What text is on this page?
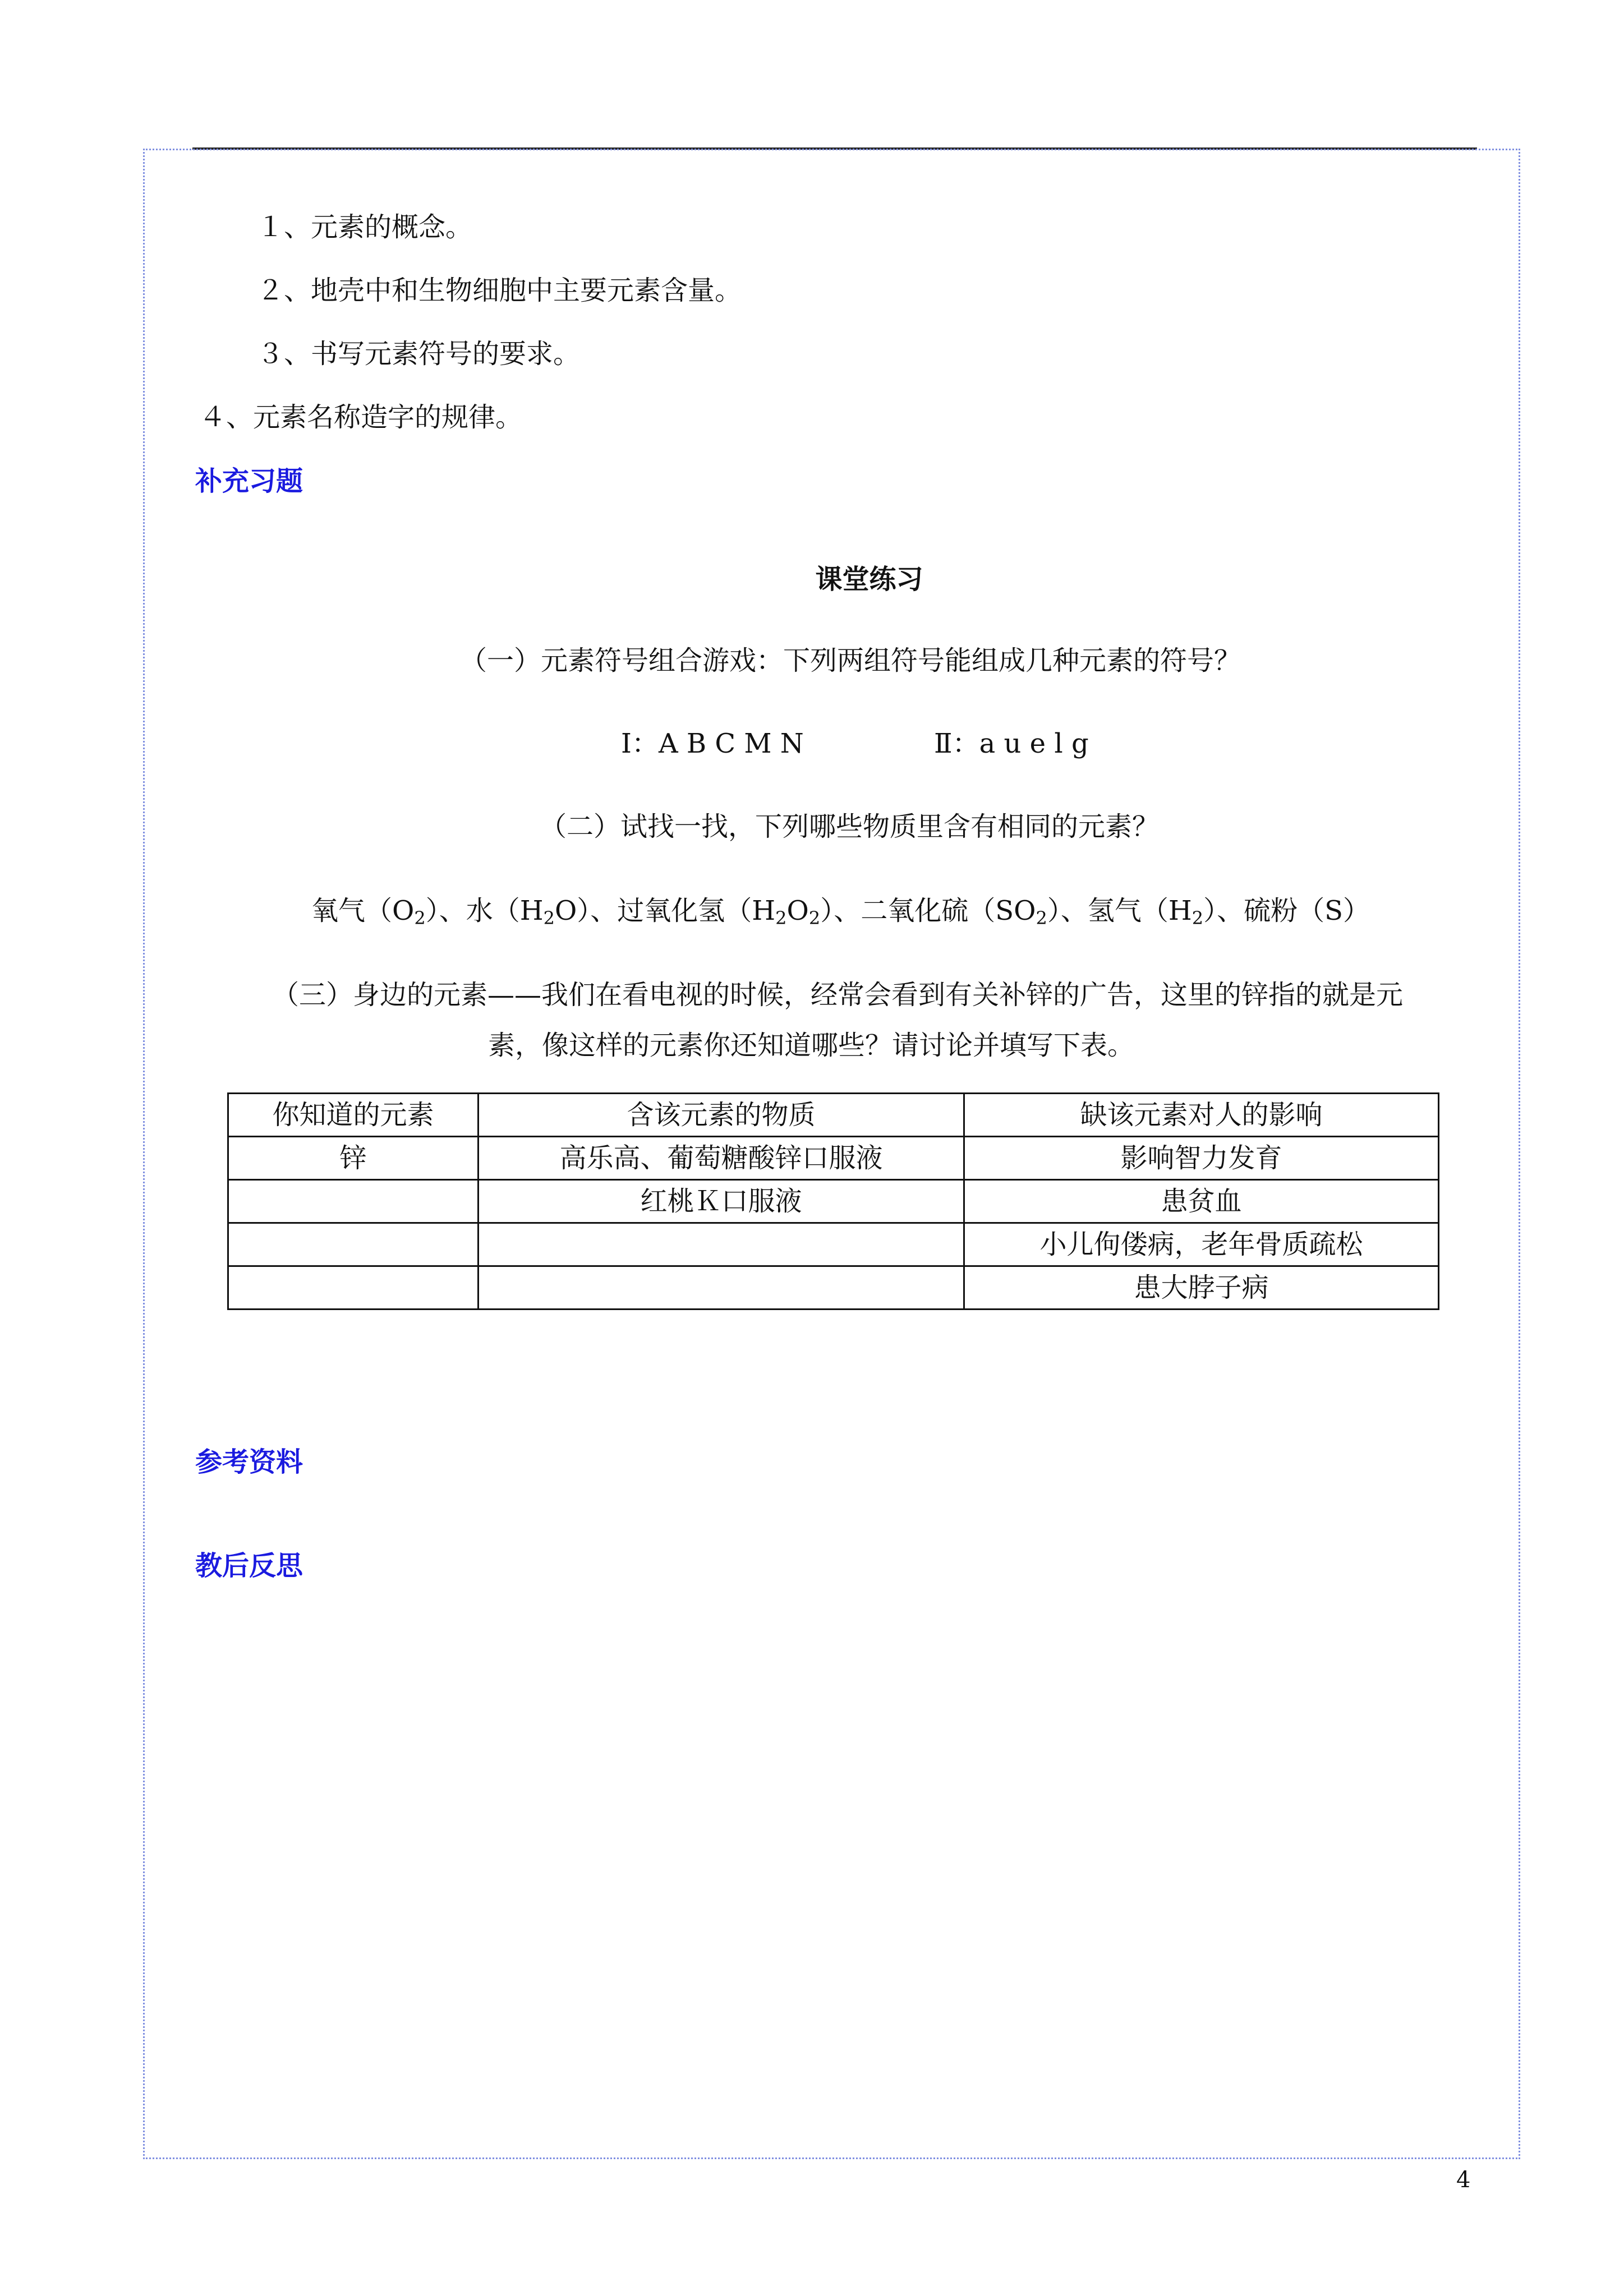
１、元素的概念。
２、地壳中和生物细胞中主要元素含量。
３、书写元素符号的要求。
４、元素名称造字的规律。
补充习题
课堂练习
（一）元素符号组合游戏：下列两组符号能组成几种元素的符号？
Ⅰ：A B C M N	Ⅱ：a u e l g
（二）试找一找，下列哪些物质里含有相同的元素？
氧气$(O_2)$、水$(H_2O)$、过氧化氢$(H_2O_2)$、二氧化硫$(SO_2)$、氢气$(H_2)$、硫粉（S）
（三）身边的元素——我们在看电视的时候，经常会看到有关补锌的广告，这里的锌指的就是元
素，像这样的元素你还知道哪些？请讨论并填写下表。
你知道的元素	含该元素的物质	缺该元素对人的影响
锌	高乐高、葡萄糖酸锌口服液	影响智力发育
	红桃Ｋ口服液	患贫血
		小儿佝偻病，老年骨质疏松
		患大脖子病
参考资料
教后反思
4
